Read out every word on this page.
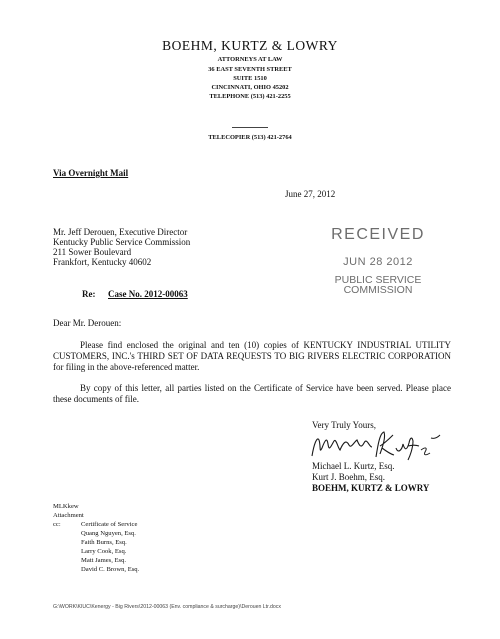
BOEHM, KURTZ & LOWRY
ATTORNEYS AT LAW
36 EAST SEVENTH STREET
SUITE 1510
CINCINNATI, OHIO 45202
TELEPHONE (513) 421-2255
TELECOPIER (513) 421-2764
Via Overnight Mail
June 27, 2012
Mr. Jeff Derouen, Executive Director
Kentucky Public Service Commission
211 Sower Boulevard
Frankfort, Kentucky 40602
RECEIVED
JUN 28 2012
PUBLIC SERVICE
COMMISSION
Re: Case No. 2012-00063
Dear Mr. Derouen:
Please find enclosed the original and ten (10) copies of KENTUCKY INDUSTRIAL UTILITY CUSTOMERS, INC.'s THIRD SET OF DATA REQUESTS TO BIG RIVERS ELECTRIC CORPORATION for filing in the above-referenced matter.
By copy of this letter, all parties listed on the Certificate of Service have been served. Please place these documents of file.
Very Truly Yours,
Michael L. Kurtz, Esq.
Kurt J. Boehm, Esq.
BOEHM, KURTZ & LOWRY
MLKkew
Attachment
cc:	Certificate of Service
Quang Nguyen, Esq.
Faith Burns, Esq.
Larry Cook, Esq.
Matt James, Esq.
David C. Brown, Esq.
G:\WORK\KIUC\Kenergy - Big Rivers\2012-00063 (Env. compliance & surcharge)\Derouen Ltr.docx
